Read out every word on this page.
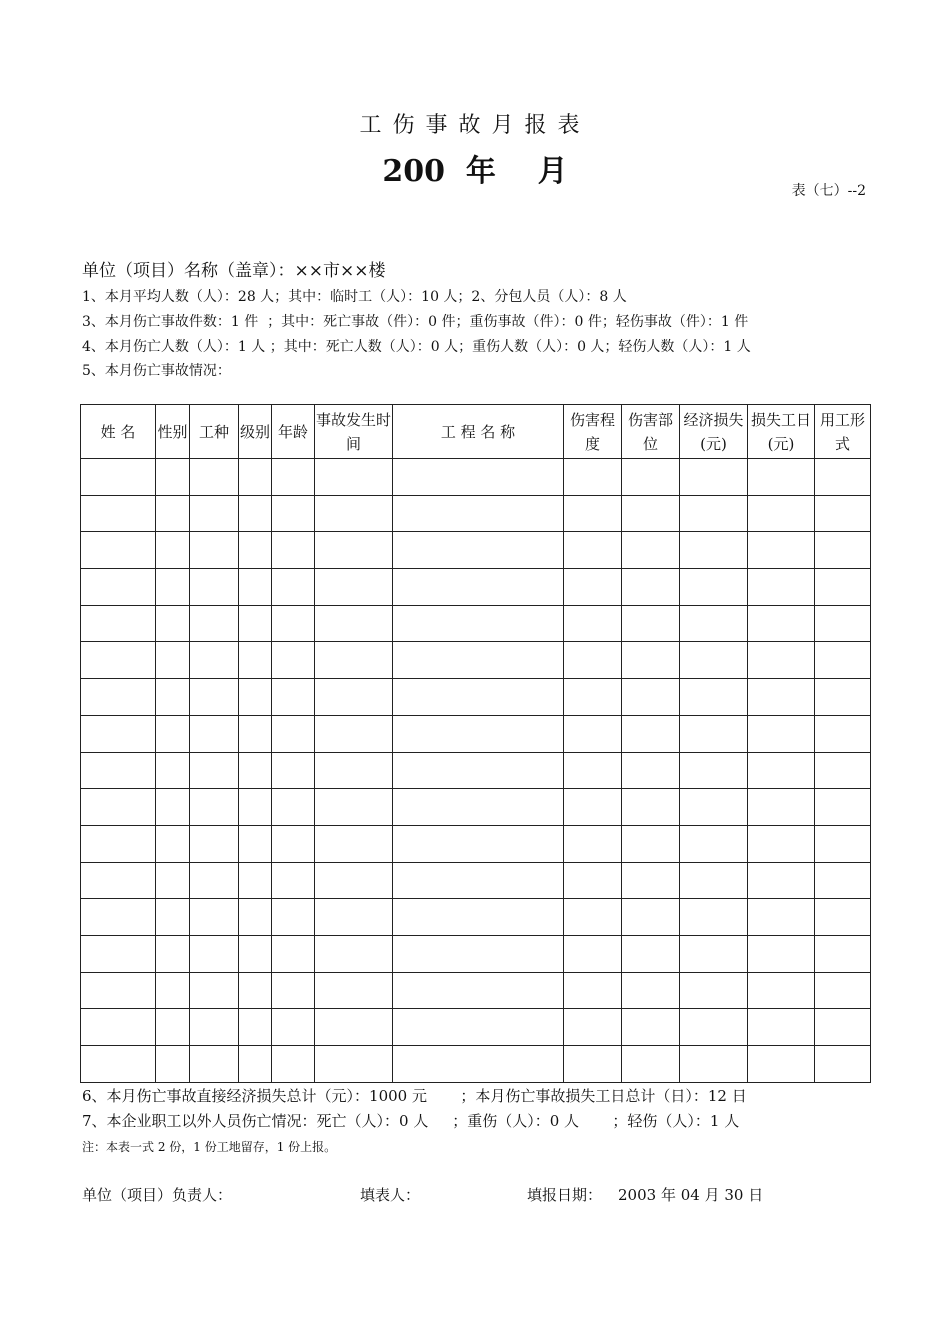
工伤事故月报表
200  年    月
表（七）--2
单位（项目）名称（盖章）：××市××楼
1、本月平均人数（人）：28 人；其中：临时工（人）：10 人；2、分包人员（人）：8 人
3、本月伤亡事故件数：1 件  ；其中：死亡事故（件）：0 件；重伤事故（件）：0 件；轻伤事故（件）：1 件
4、本月伤亡人数（人）：1 人 ；其中：死亡人数（人）：0 人；重伤人数（人）：0 人；轻伤人数（人）：1 人
5、本月伤亡事故情况：
姓 名	性别	工种	级别	年龄	事故发生时间	工 程 名 称	伤害程度	伤害部位	经济损失(元)	损失工日(元)	用工形式

6、本月伤亡事故直接经济损失总计（元）：1000 元       ；本月伤亡事故损失工日总计（日）：12 日
7、本企业职工以外人员伤亡情况：死亡（人）：0 人     ；重伤（人）：0 人       ；轻伤（人）：1 人
注：本表一式 2 份，1 份工地留存，1 份上报。
单位（项目）负责人：	填表人：	填报日期： 2003 年 04 月 30 日
